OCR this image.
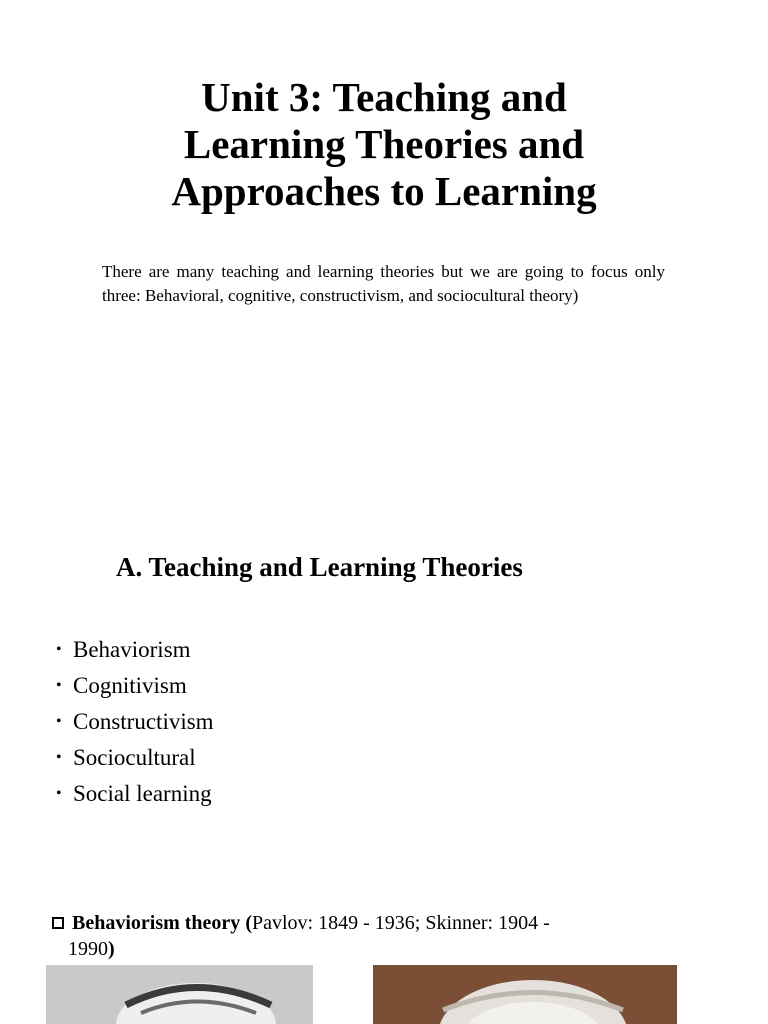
Unit 3: Teaching and
Learning Theories and
Approaches to Learning

There are many teaching and learning theories but we are going to focus only three: Behavioral, cognitive, constructivism, and sociocultural theory)

A. Teaching and Learning Theories
• Behaviorism
• Cognitivism
• Constructivism
• Sociocultural
• Social learning
Behaviorism theory (Pavlov: 1849 - 1936; Skinner: 1904 -
1990)
